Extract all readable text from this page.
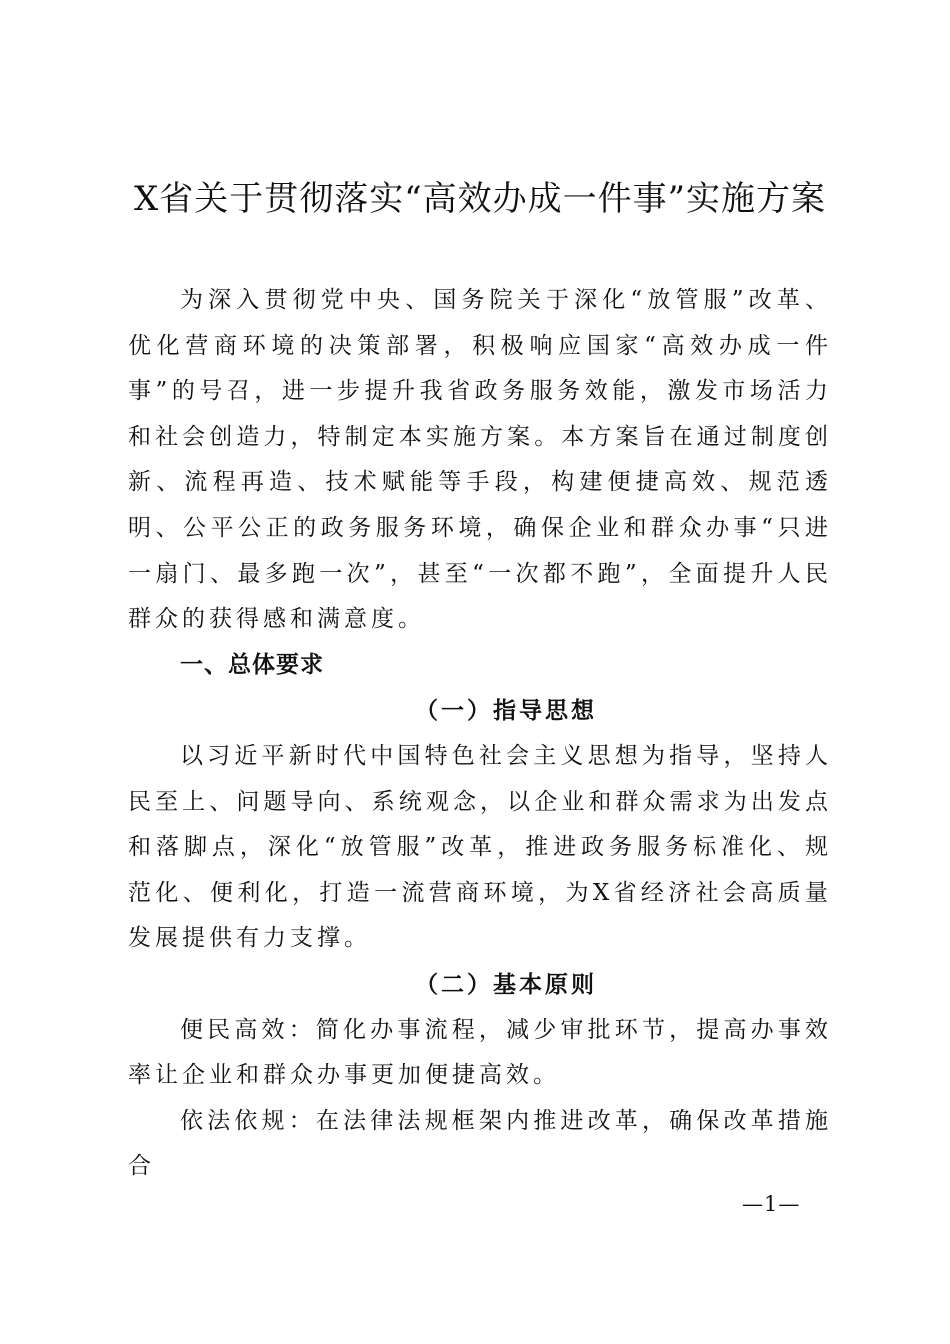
X省关于贯彻落实“高效办成一件事”实施方案

为深入贯彻党中央、国务院关于深化“放管服”改革、优化营商环境的决策部署，积极响应国家“高效办成一件事”的号召，进一步提升我省政务服务效能，激发市场活力和社会创造力，特制定本实施方案。本方案旨在通过制度创新、流程再造、技术赋能等手段，构建便捷高效、规范透明、公平公正的政务服务环境，确保企业和群众办事“只进一扇门、最多跑一次”，甚至“一次都不跑”，全面提升人民群众的获得感和满意度。

一、总体要求

（一）指导思想

以习近平新时代中国特色社会主义思想为指导，坚持人民至上、问题导向、系统观念，以企业和群众需求为出发点和落脚点，深化“放管服”改革，推进政务服务标准化、规范化、便利化，打造一流营商环境，为X省经济社会高质量发展提供有力支撑。

（二）基本原则

便民高效：简化办事流程，减少审批环节，提高办事效率让企业和群众办事更加便捷高效。

依法依规：在法律法规框架内推进改革，确保改革措施合

—1—
